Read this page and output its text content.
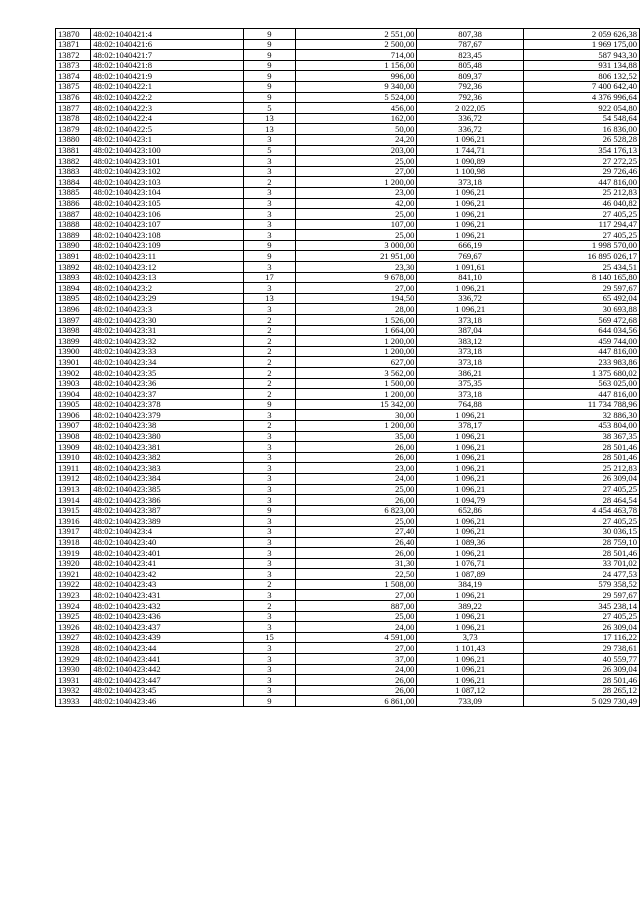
13870	48:02:1040421:4	9	2 551,00	807,38	2 059 626,38
13871	48:02:1040421:6	9	2 500,00	787,67	1 969 175,00
13872	48:02:1040421:7	9	714,00	823,45	587 943,30
13873	48:02:1040421:8	9	1 156,00	805,48	931 134,88
13874	48:02:1040421:9	9	996,00	809,37	806 132,52
13875	48:02:1040422:1	9	9 340,00	792,36	7 400 642,40
13876	48:02:1040422:2	9	5 524,00	792,36	4 376 996,64
13877	48:02:1040422:3	5	456,00	2 022,05	922 054,80
13878	48:02:1040422:4	13	162,00	336,72	54 548,64
13879	48:02:1040422:5	13	50,00	336,72	16 836,00
13880	48:02:1040423:1	3	24,20	1 096,21	26 528,28
13881	48:02:1040423:100	5	203,00	1 744,71	354 176,13
13882	48:02:1040423:101	3	25,00	1 090,89	27 272,25
13883	48:02:1040423:102	3	27,00	1 100,98	29 726,46
13884	48:02:1040423:103	2	1 200,00	373,18	447 816,00
13885	48:02:1040423:104	3	23,00	1 096,21	25 212,83
13886	48:02:1040423:105	3	42,00	1 096,21	46 040,82
13887	48:02:1040423:106	3	25,00	1 096,21	27 405,25
13888	48:02:1040423:107	3	107,00	1 096,21	117 294,47
13889	48:02:1040423:108	3	25,00	1 096,21	27 405,25
13890	48:02:1040423:109	9	3 000,00	666,19	1 998 570,00
13891	48:02:1040423:11	9	21 951,00	769,67	16 895 026,17
13892	48:02:1040423:12	3	23,30	1 091,61	25 434,51
13893	48:02:1040423:13	17	9 678,00	841,10	8 140 165,80
13894	48:02:1040423:2	3	27,00	1 096,21	29 597,67
13895	48:02:1040423:29	13	194,50	336,72	65 492,04
13896	48:02:1040423:3	3	28,00	1 096,21	30 693,88
13897	48:02:1040423:30	2	1 526,00	373,18	569 472,68
13898	48:02:1040423:31	2	1 664,00	387,04	644 034,56
13899	48:02:1040423:32	2	1 200,00	383,12	459 744,00
13900	48:02:1040423:33	2	1 200,00	373,18	447 816,00
13901	48:02:1040423:34	2	627,00	373,18	233 983,86
13902	48:02:1040423:35	2	3 562,00	386,21	1 375 680,02
13903	48:02:1040423:36	2	1 500,00	375,35	563 025,00
13904	48:02:1040423:37	2	1 200,00	373,18	447 816,00
13905	48:02:1040423:378	9	15 342,00	764,88	11 734 788,96
13906	48:02:1040423:379	3	30,00	1 096,21	32 886,30
13907	48:02:1040423:38	2	1 200,00	378,17	453 804,00
13908	48:02:1040423:380	3	35,00	1 096,21	38 367,35
13909	48:02:1040423:381	3	26,00	1 096,21	28 501,46
13910	48:02:1040423:382	3	26,00	1 096,21	28 501,46
13911	48:02:1040423:383	3	23,00	1 096,21	25 212,83
13912	48:02:1040423:384	3	24,00	1 096,21	26 309,04
13913	48:02:1040423:385	3	25,00	1 096,21	27 405,25
13914	48:02:1040423:386	3	26,00	1 094,79	28 464,54
13915	48:02:1040423:387	9	6 823,00	652,86	4 454 463,78
13916	48:02:1040423:389	3	25,00	1 096,21	27 405,25
13917	48:02:1040423:4	3	27,40	1 096,21	30 036,15
13918	48:02:1040423:40	3	26,40	1 089,36	28 759,10
13919	48:02:1040423:401	3	26,00	1 096,21	28 501,46
13920	48:02:1040423:41	3	31,30	1 076,71	33 701,02
13921	48:02:1040423:42	3	22,50	1 087,89	24 477,53
13922	48:02:1040423:43	2	1 508,00	384,19	579 358,52
13923	48:02:1040423:431	3	27,00	1 096,21	29 597,67
13924	48:02:1040423:432	2	887,00	389,22	345 238,14
13925	48:02:1040423:436	3	25,00	1 096,21	27 405,25
13926	48:02:1040423:437	3	24,00	1 096,21	26 309,04
13927	48:02:1040423:439	15	4 591,00	3,73	17 116,22
13928	48:02:1040423:44	3	27,00	1 101,43	29 738,61
13929	48:02:1040423:441	3	37,00	1 096,21	40 559,77
13930	48:02:1040423:442	3	24,00	1 096,21	26 309,04
13931	48:02:1040423:447	3	26,00	1 096,21	28 501,46
13932	48:02:1040423:45	3	26,00	1 087,12	28 265,12
13933	48:02:1040423:46	9	6 861,00	733,09	5 029 730,49
